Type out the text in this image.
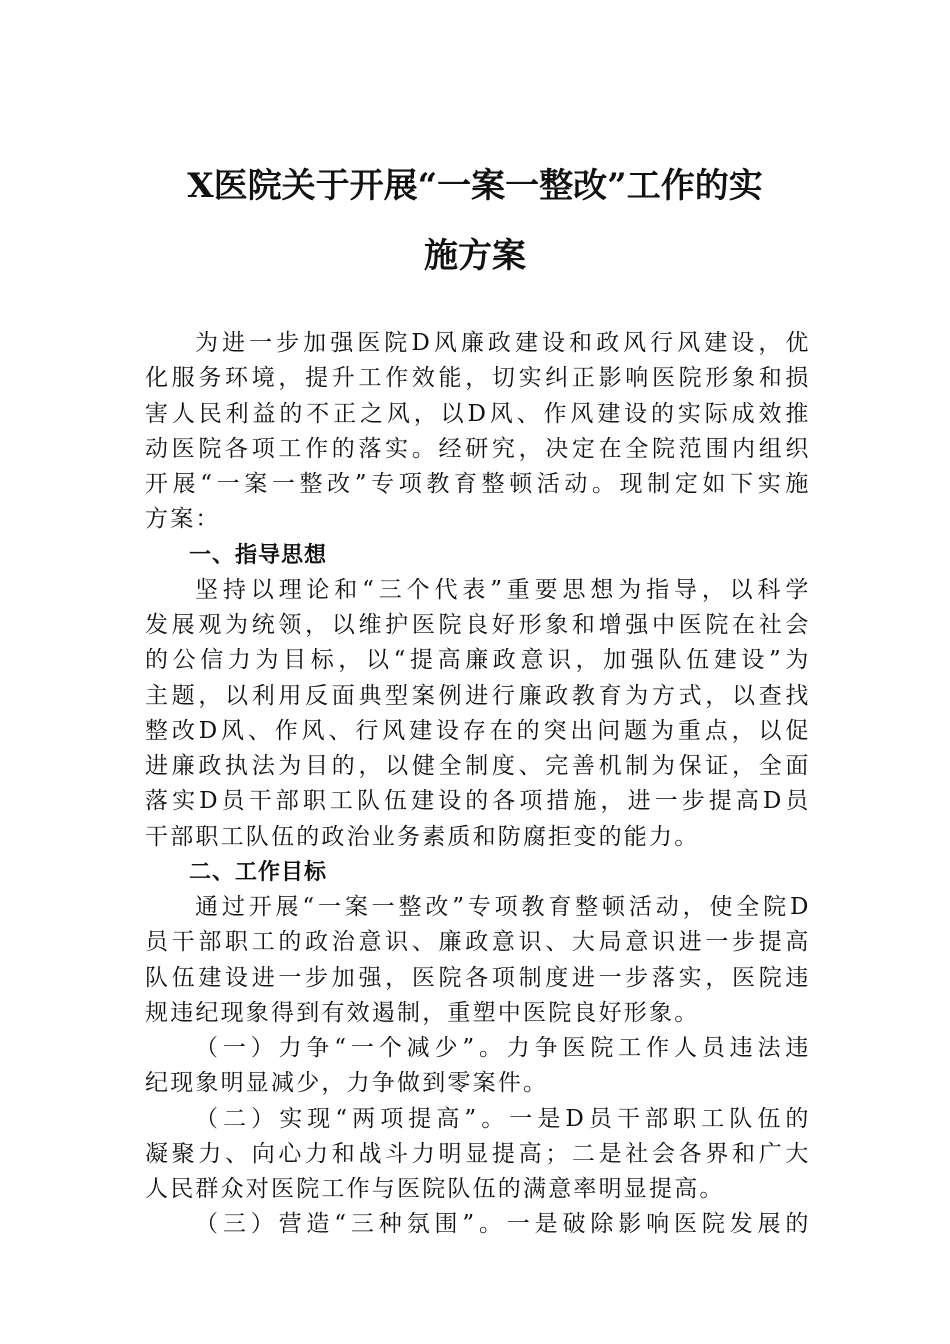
X医院关于开展“一案一整改”工作的实
施方案
为进一步加强医院D风廉政建设和政风行风建设，优
化服务环境，提升工作效能，切实纠正影响医院形象和损
害人民利益的不正之风，以D风、作风建设的实际成效推
动医院各项工作的落实。经研究，决定在全院范围内组织
开展“一案一整改”专项教育整顿活动。现制定如下实施
方案：

一、指导思想

坚持以理论和“三个代表”重要思想为指导，以科学
发展观为统领，以维护医院良好形象和增强中医院在社会
的公信力为目标，以“提高廉政意识，加强队伍建设”为
主题，以利用反面典型案例进行廉政教育为方式，以查找
整改D风、作风、行风建设存在的突出问题为重点，以促
进廉政执法为目的，以健全制度、完善机制为保证，全面
落实D员干部职工队伍建设的各项措施，进一步提高D员
干部职工队伍的政治业务素质和防腐拒变的能力。

二、工作目标

通过开展“一案一整改”专项教育整顿活动，使全院D
员干部职工的政治意识、廉政意识、大局意识进一步提高
队伍建设进一步加强，医院各项制度进一步落实，医院违
规违纪现象得到有效遏制，重塑中医院良好形象。
（一）力争“一个减少”。力争医院工作人员违法违
纪现象明显减少，力争做到零案件。
（二）实现“两项提高”。一是D员干部职工队伍的
凝聚力、向心力和战斗力明显提高；二是社会各界和广大
人民群众对医院工作与医院队伍的满意率明显提高。
（三）营造“三种氛围”。一是破除影响医院发展的
